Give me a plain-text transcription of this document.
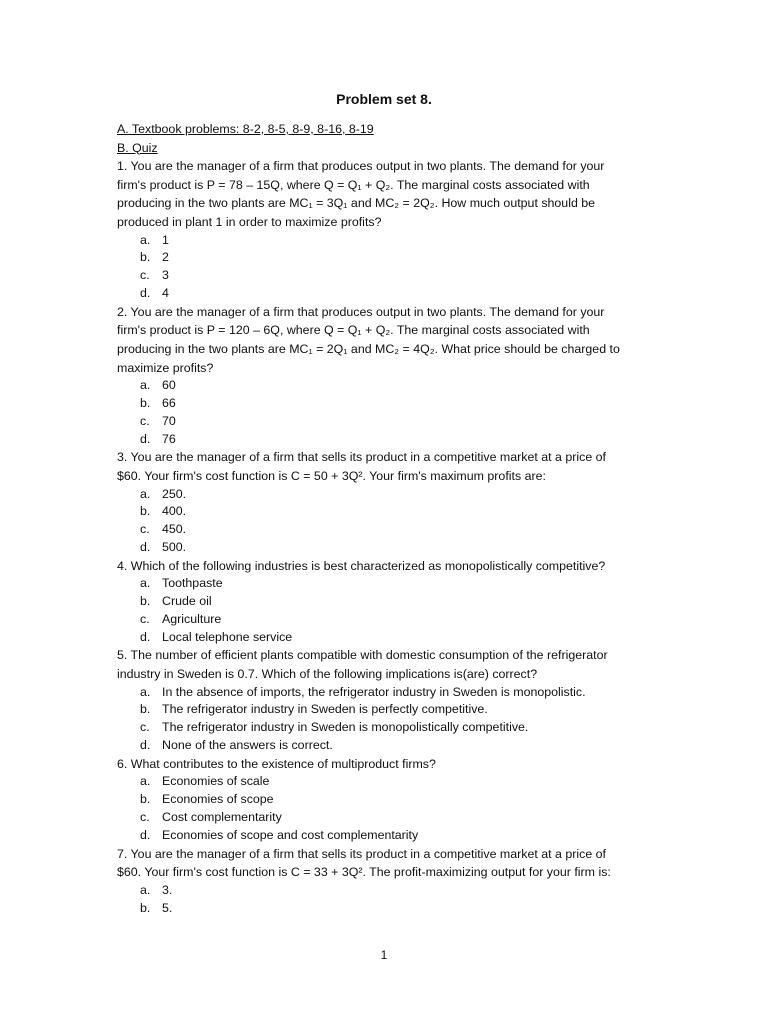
Problem set 8.
A. Textbook problems: 8-2, 8-5, 8-9, 8-16, 8-19
B. Quiz
1. You are the manager of a firm that produces output in two plants. The demand for your
firm's product is P = 78 – 15Q, where Q = Q₁ + Q₂. The marginal costs associated with
producing in the two plants are MC₁ = 3Q₁ and MC₂ = 2Q₂. How much output should be
produced in plant 1 in order to maximize profits?
a. 1
b. 2
c. 3
d. 4
2. You are the manager of a firm that produces output in two plants. The demand for your
firm's product is P = 120 – 6Q, where Q = Q₁ + Q₂. The marginal costs associated with
producing in the two plants are MC₁ = 2Q₁ and MC₂ = 4Q₂. What price should be charged to
maximize profits?
a. 60
b. 66
c. 70
d. 76
3. You are the manager of a firm that sells its product in a competitive market at a price of
$60. Your firm's cost function is C = 50 + 3Q². Your firm's maximum profits are:
a. 250.
b. 400.
c. 450.
d. 500.
4. Which of the following industries is best characterized as monopolistically competitive?
a. Toothpaste
b. Crude oil
c. Agriculture
d. Local telephone service
5. The number of efficient plants compatible with domestic consumption of the refrigerator
industry in Sweden is 0.7. Which of the following implications is(are) correct?
a. In the absence of imports, the refrigerator industry in Sweden is monopolistic.
b. The refrigerator industry in Sweden is perfectly competitive.
c. The refrigerator industry in Sweden is monopolistically competitive.
d. None of the answers is correct.
6. What contributes to the existence of multiproduct firms?
a. Economies of scale
b. Economies of scope
c. Cost complementarity
d. Economies of scope and cost complementarity
7. You are the manager of a firm that sells its product in a competitive market at a price of
$60. Your firm's cost function is C = 33 + 3Q². The profit-maximizing output for your firm is:
a. 3.
b. 5.
1
